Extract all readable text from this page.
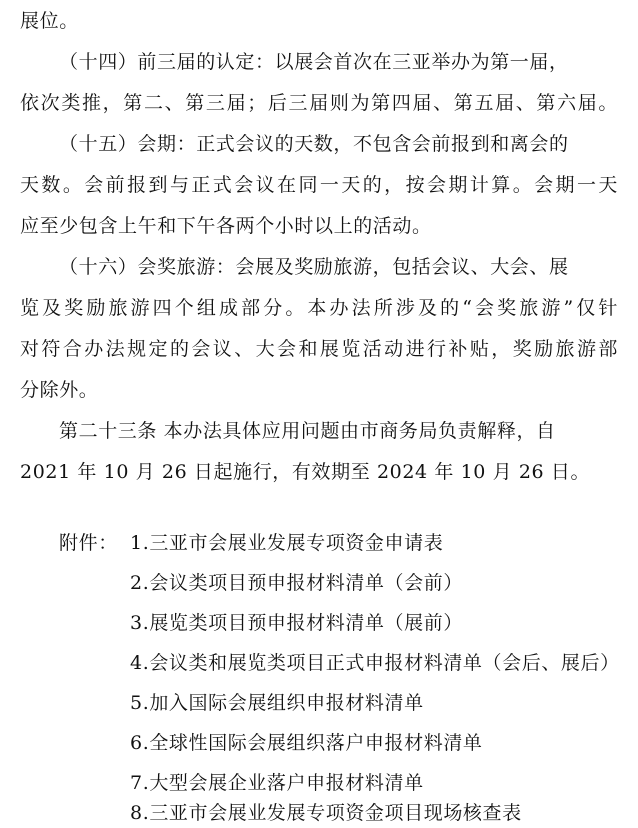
展位。
（十四）前三届的认定：以展会首次在三亚举办为第一届，
依次类推，第二、第三届；后三届则为第四届、第五届、第六届。
（十五）会期：正式会议的天数，不包含会前报到和离会的
天数。会前报到与正式会议在同一天的，按会期计算。会期一天
应至少包含上午和下午各两个小时以上的活动。
（十六）会奖旅游：会展及奖励旅游，包括会议、大会、展
览及奖励旅游四个组成部分。本办法所涉及的“会奖旅游”仅针
对符合办法规定的会议、大会和展览活动进行补贴，奖励旅游部
分除外。
第二十三条 本办法具体应用问题由市商务局负责解释，自
2021 年 10 月 26 日起施行，有效期至 2024 年 10 月 26 日。
附件： 1.三亚市会展业发展专项资金申请表
2.会议类项目预申报材料清单（会前）
3.展览类项目预申报材料清单（展前）
4.会议类和展览类项目正式申报材料清单（会后、展后）
5.加入国际会展组织申报材料清单
6.全球性国际会展组织落户申报材料清单
7.大型会展企业落户申报材料清单
8.三亚市会展业发展专项资金项目现场核查表
